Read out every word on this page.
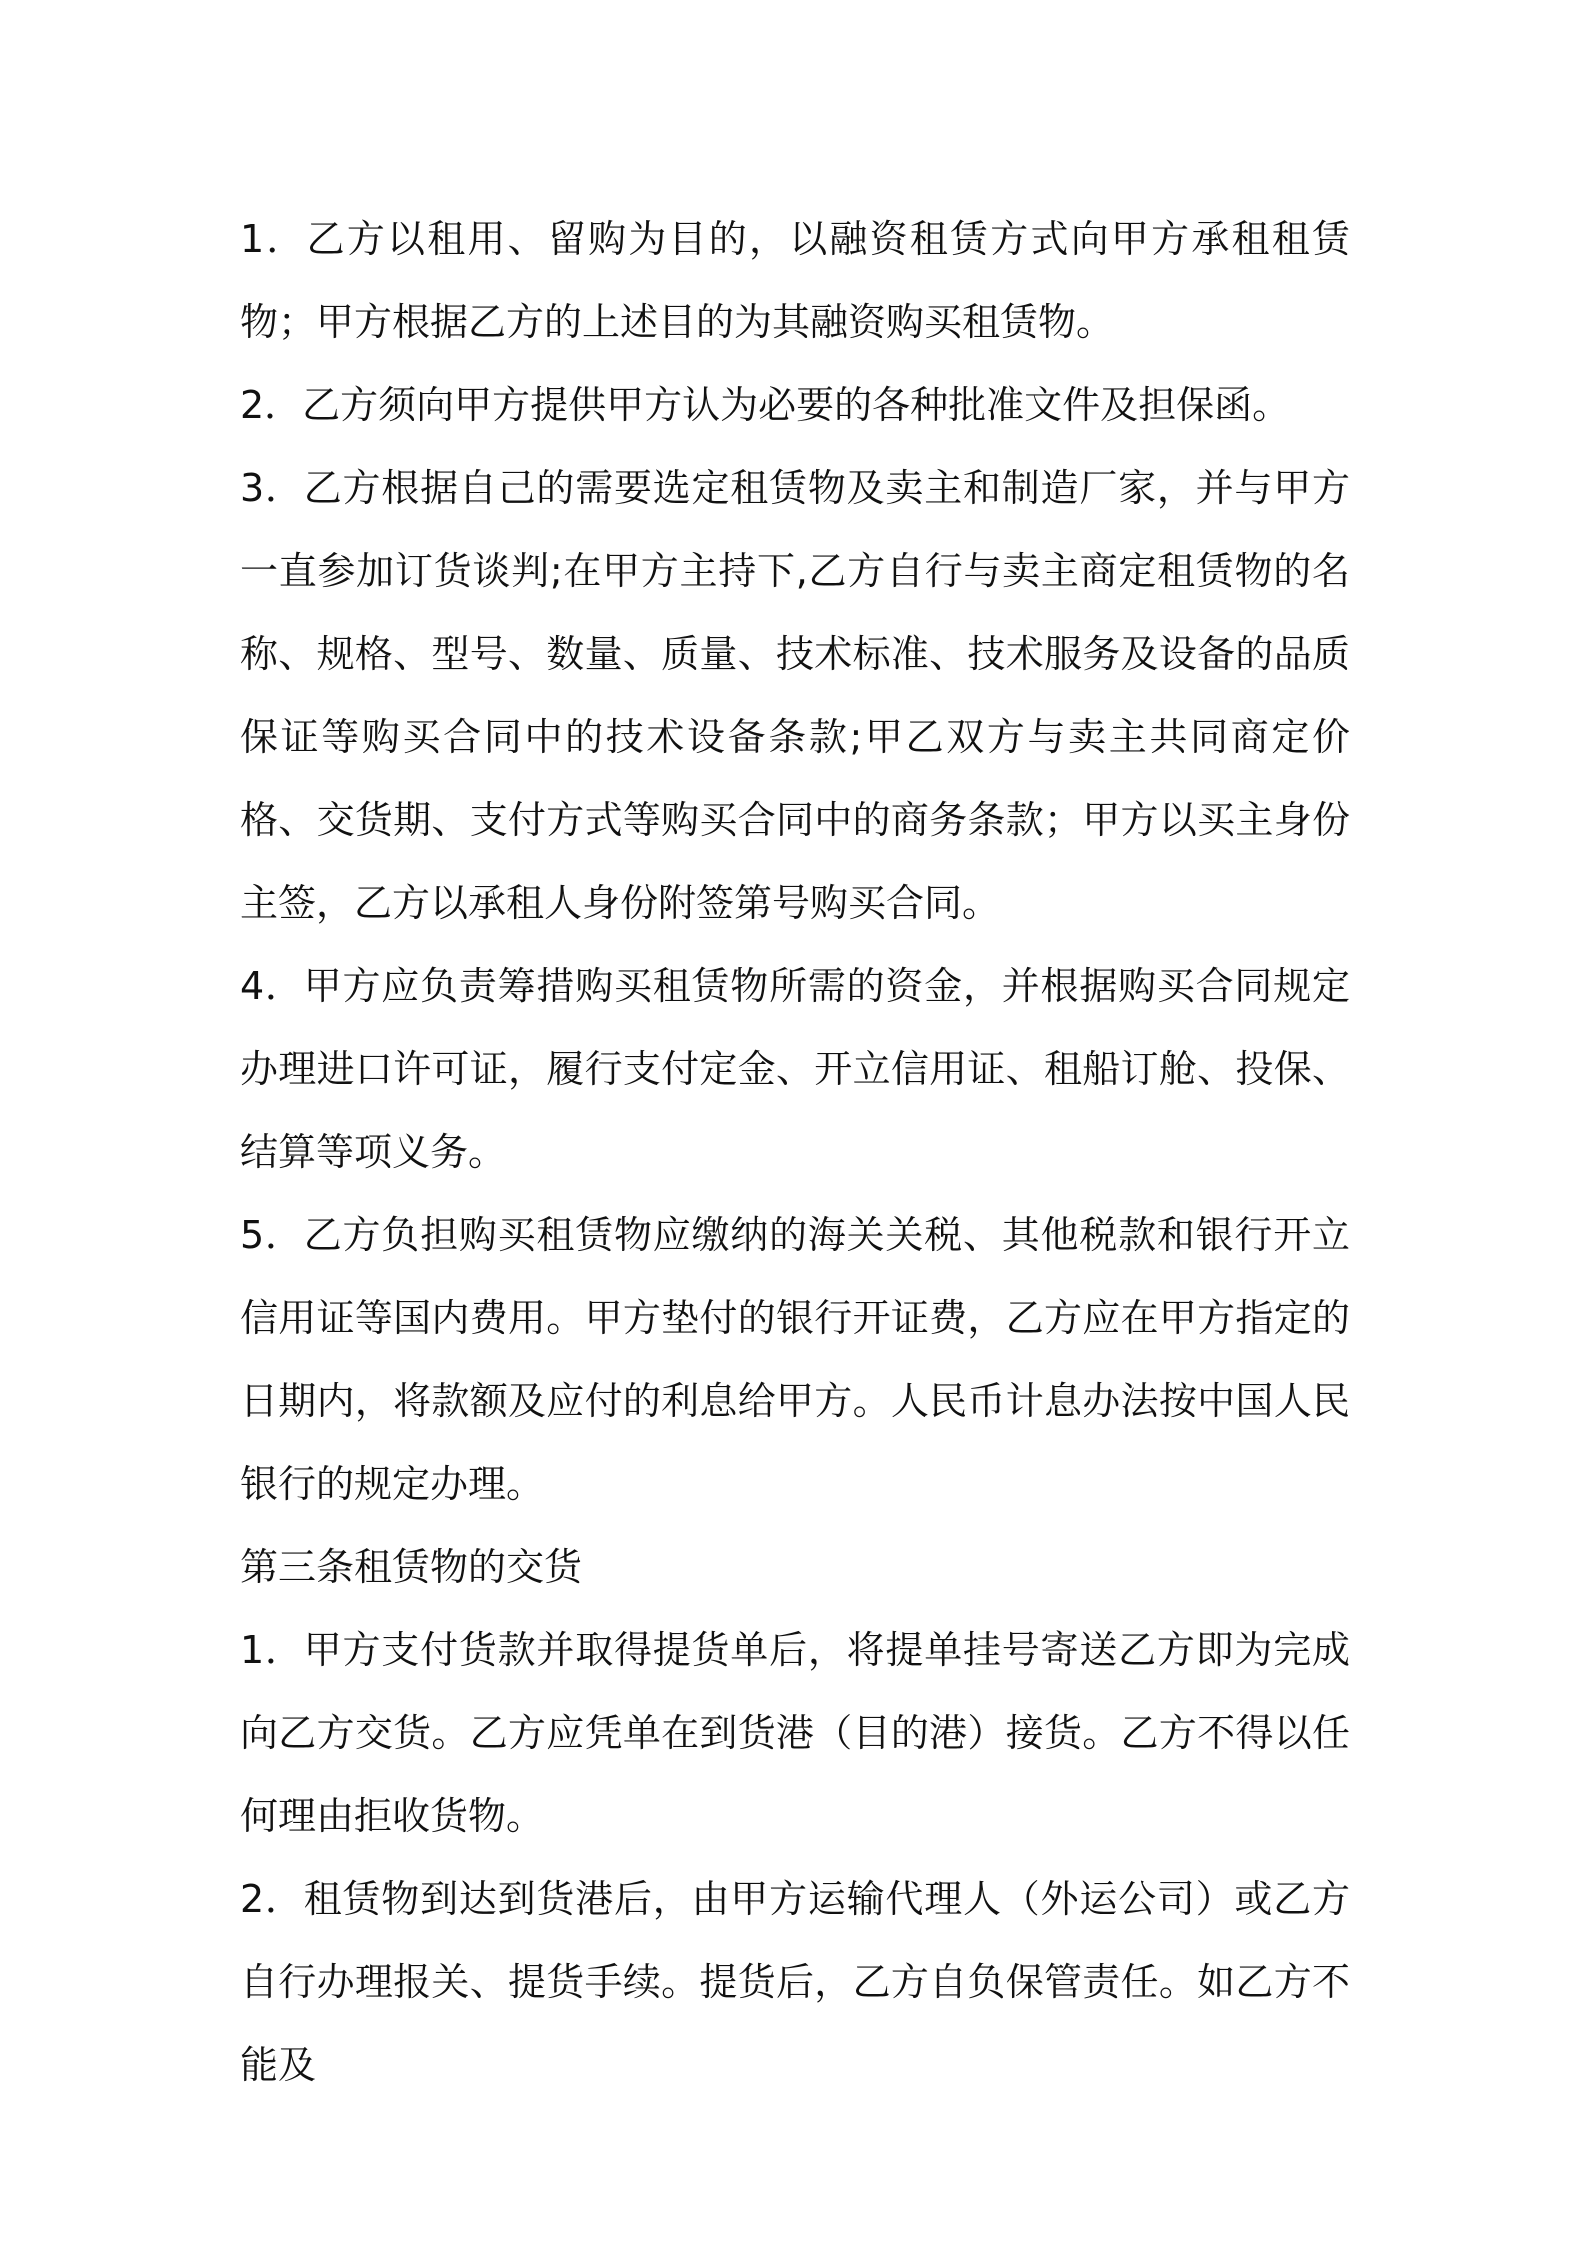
1．乙方以租用、留购为目的，以融资租赁方式向甲方承租租赁物；甲方根据乙方的上述目的为其融资购买租赁物。

2．乙方须向甲方提供甲方认为必要的各种批准文件及担保函。

3．乙方根据自己的需要选定租赁物及卖主和制造厂家，并与甲方一直参加订货谈判;在甲方主持下,乙方自行与卖主商定租赁物的名称、规格、型号、数量、质量、技术标准、技术服务及设备的品质保证等购买合同中的技术设备条款;甲乙双方与卖主共同商定价格、交货期、支付方式等购买合同中的商务条款；甲方以买主身份主签，乙方以承租人身份附签第号购买合同。

4．甲方应负责筹措购买租赁物所需的资金，并根据购买合同规定办理进口许可证，履行支付定金、开立信用证、租船订舱、投保、结算等项义务。

5．乙方负担购买租赁物应缴纳的海关关税、其他税款和银行开立信用证等国内费用。甲方垫付的银行开证费，乙方应在甲方指定的日期内，将款额及应付的利息给甲方。人民币计息办法按中国人民银行的规定办理。

第三条租赁物的交货

1．甲方支付货款并取得提货单后，将提单挂号寄送乙方即为完成向乙方交货。乙方应凭单在到货港（目的港）接货。乙方不得以任何理由拒收货物。

2．租赁物到达到货港后，由甲方运输代理人（外运公司）或乙方自行办理报关、提货手续。提货后，乙方自负保管责任。如乙方不能及
